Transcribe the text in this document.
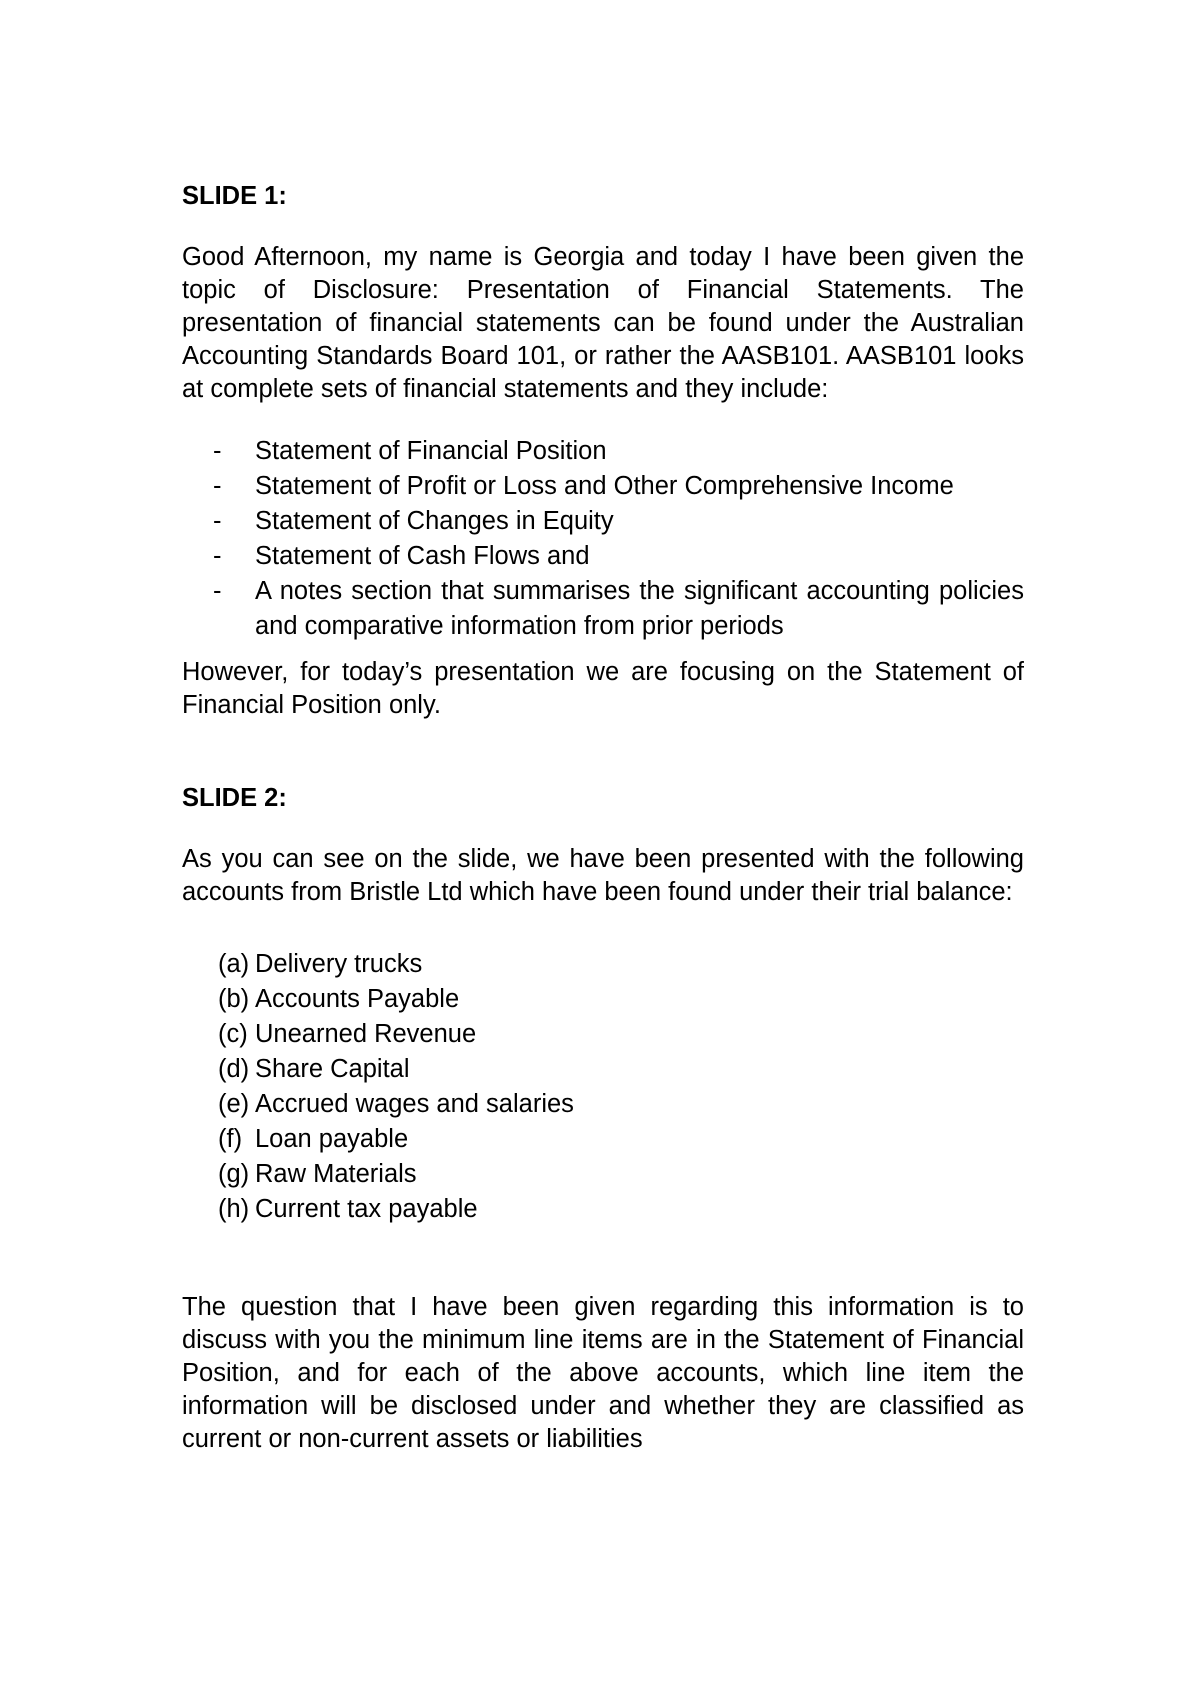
SLIDE 1:

Good Afternoon, my name is Georgia and today I have been given the topic of Disclosure: Presentation of Financial Statements. The presentation of financial statements can be found under the Australian Accounting Standards Board 101, or rather the AASB101. AASB101 looks at complete sets of financial statements and they include:

- Statement of Financial Position
- Statement of Profit or Loss and Other Comprehensive Income
- Statement of Changes in Equity
- Statement of Cash Flows and
- A notes section that summarises the significant accounting policies and comparative information from prior periods

However, for today’s presentation we are focusing on the Statement of Financial Position only.

SLIDE 2:

As you can see on the slide, we have been presented with the following accounts from Bristle Ltd which have been found under their trial balance:

(a) Delivery trucks
(b) Accounts Payable
(c) Unearned Revenue
(d) Share Capital
(e) Accrued wages and salaries
(f) Loan payable
(g) Raw Materials
(h) Current tax payable

The question that I have been given regarding this information is to discuss with you the minimum line items are in the Statement of Financial Position, and for each of the above accounts, which line item the information will be disclosed under and whether they are classified as current or non-current assets or liabilities
